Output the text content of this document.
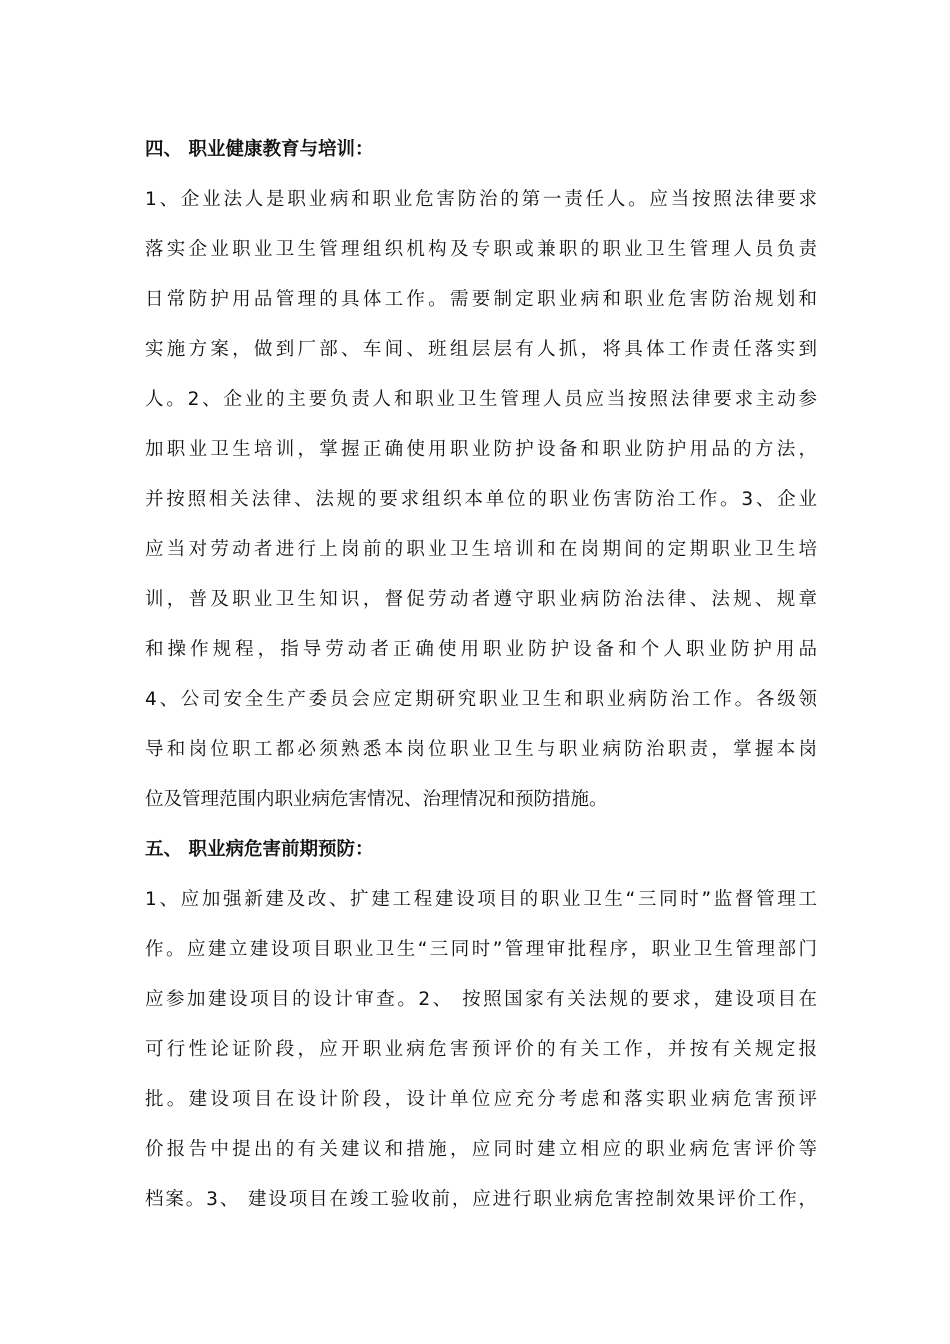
四、 职业健康教育与培训：
1、企业法人是职业病和职业危害防治的第一责任人。应当按照法律要求
落实企业职业卫生管理组织机构及专职或兼职的职业卫生管理人员负责
日常防护用品管理的具体工作。需要制定职业病和职业危害防治规划和
实施方案，做到厂部、车间、班组层层有人抓，将具体工作责任落实到
人。2、企业的主要负责人和职业卫生管理人员应当按照法律要求主动参
加职业卫生培训，掌握正确使用职业防护设备和职业防护用品的方法，
并按照相关法律、法规的要求组织本单位的职业伤害防治工作。3、企业
应当对劳动者进行上岗前的职业卫生培训和在岗期间的定期职业卫生培
训，普及职业卫生知识，督促劳动者遵守职业病防治法律、法规、规章
和操作规程，指导劳动者正确使用职业防护设备和个人职业防护用品
4、公司安全生产委员会应定期研究职业卫生和职业病防治工作。各级领
导和岗位职工都必须熟悉本岗位职业卫生与职业病防治职责，掌握本岗
位及管理范围内职业病危害情况、治理情况和预防措施。
五、 职业病危害前期预防：
1、应加强新建及改、扩建工程建设项目的职业卫生“三同时”监督管理工
作。应建立建设项目职业卫生“三同时”管理审批程序，职业卫生管理部门
应参加建设项目的设计审查。2、 按照国家有关法规的要求，建设项目在
可行性论证阶段，应开职业病危害预评价的有关工作，并按有关规定报
批。建设项目在设计阶段，设计单位应充分考虑和落实职业病危害预评
价报告中提出的有关建议和措施，应同时建立相应的职业病危害评价等
档案。3、 建设项目在竣工验收前，应进行职业病危害控制效果评价工作，
